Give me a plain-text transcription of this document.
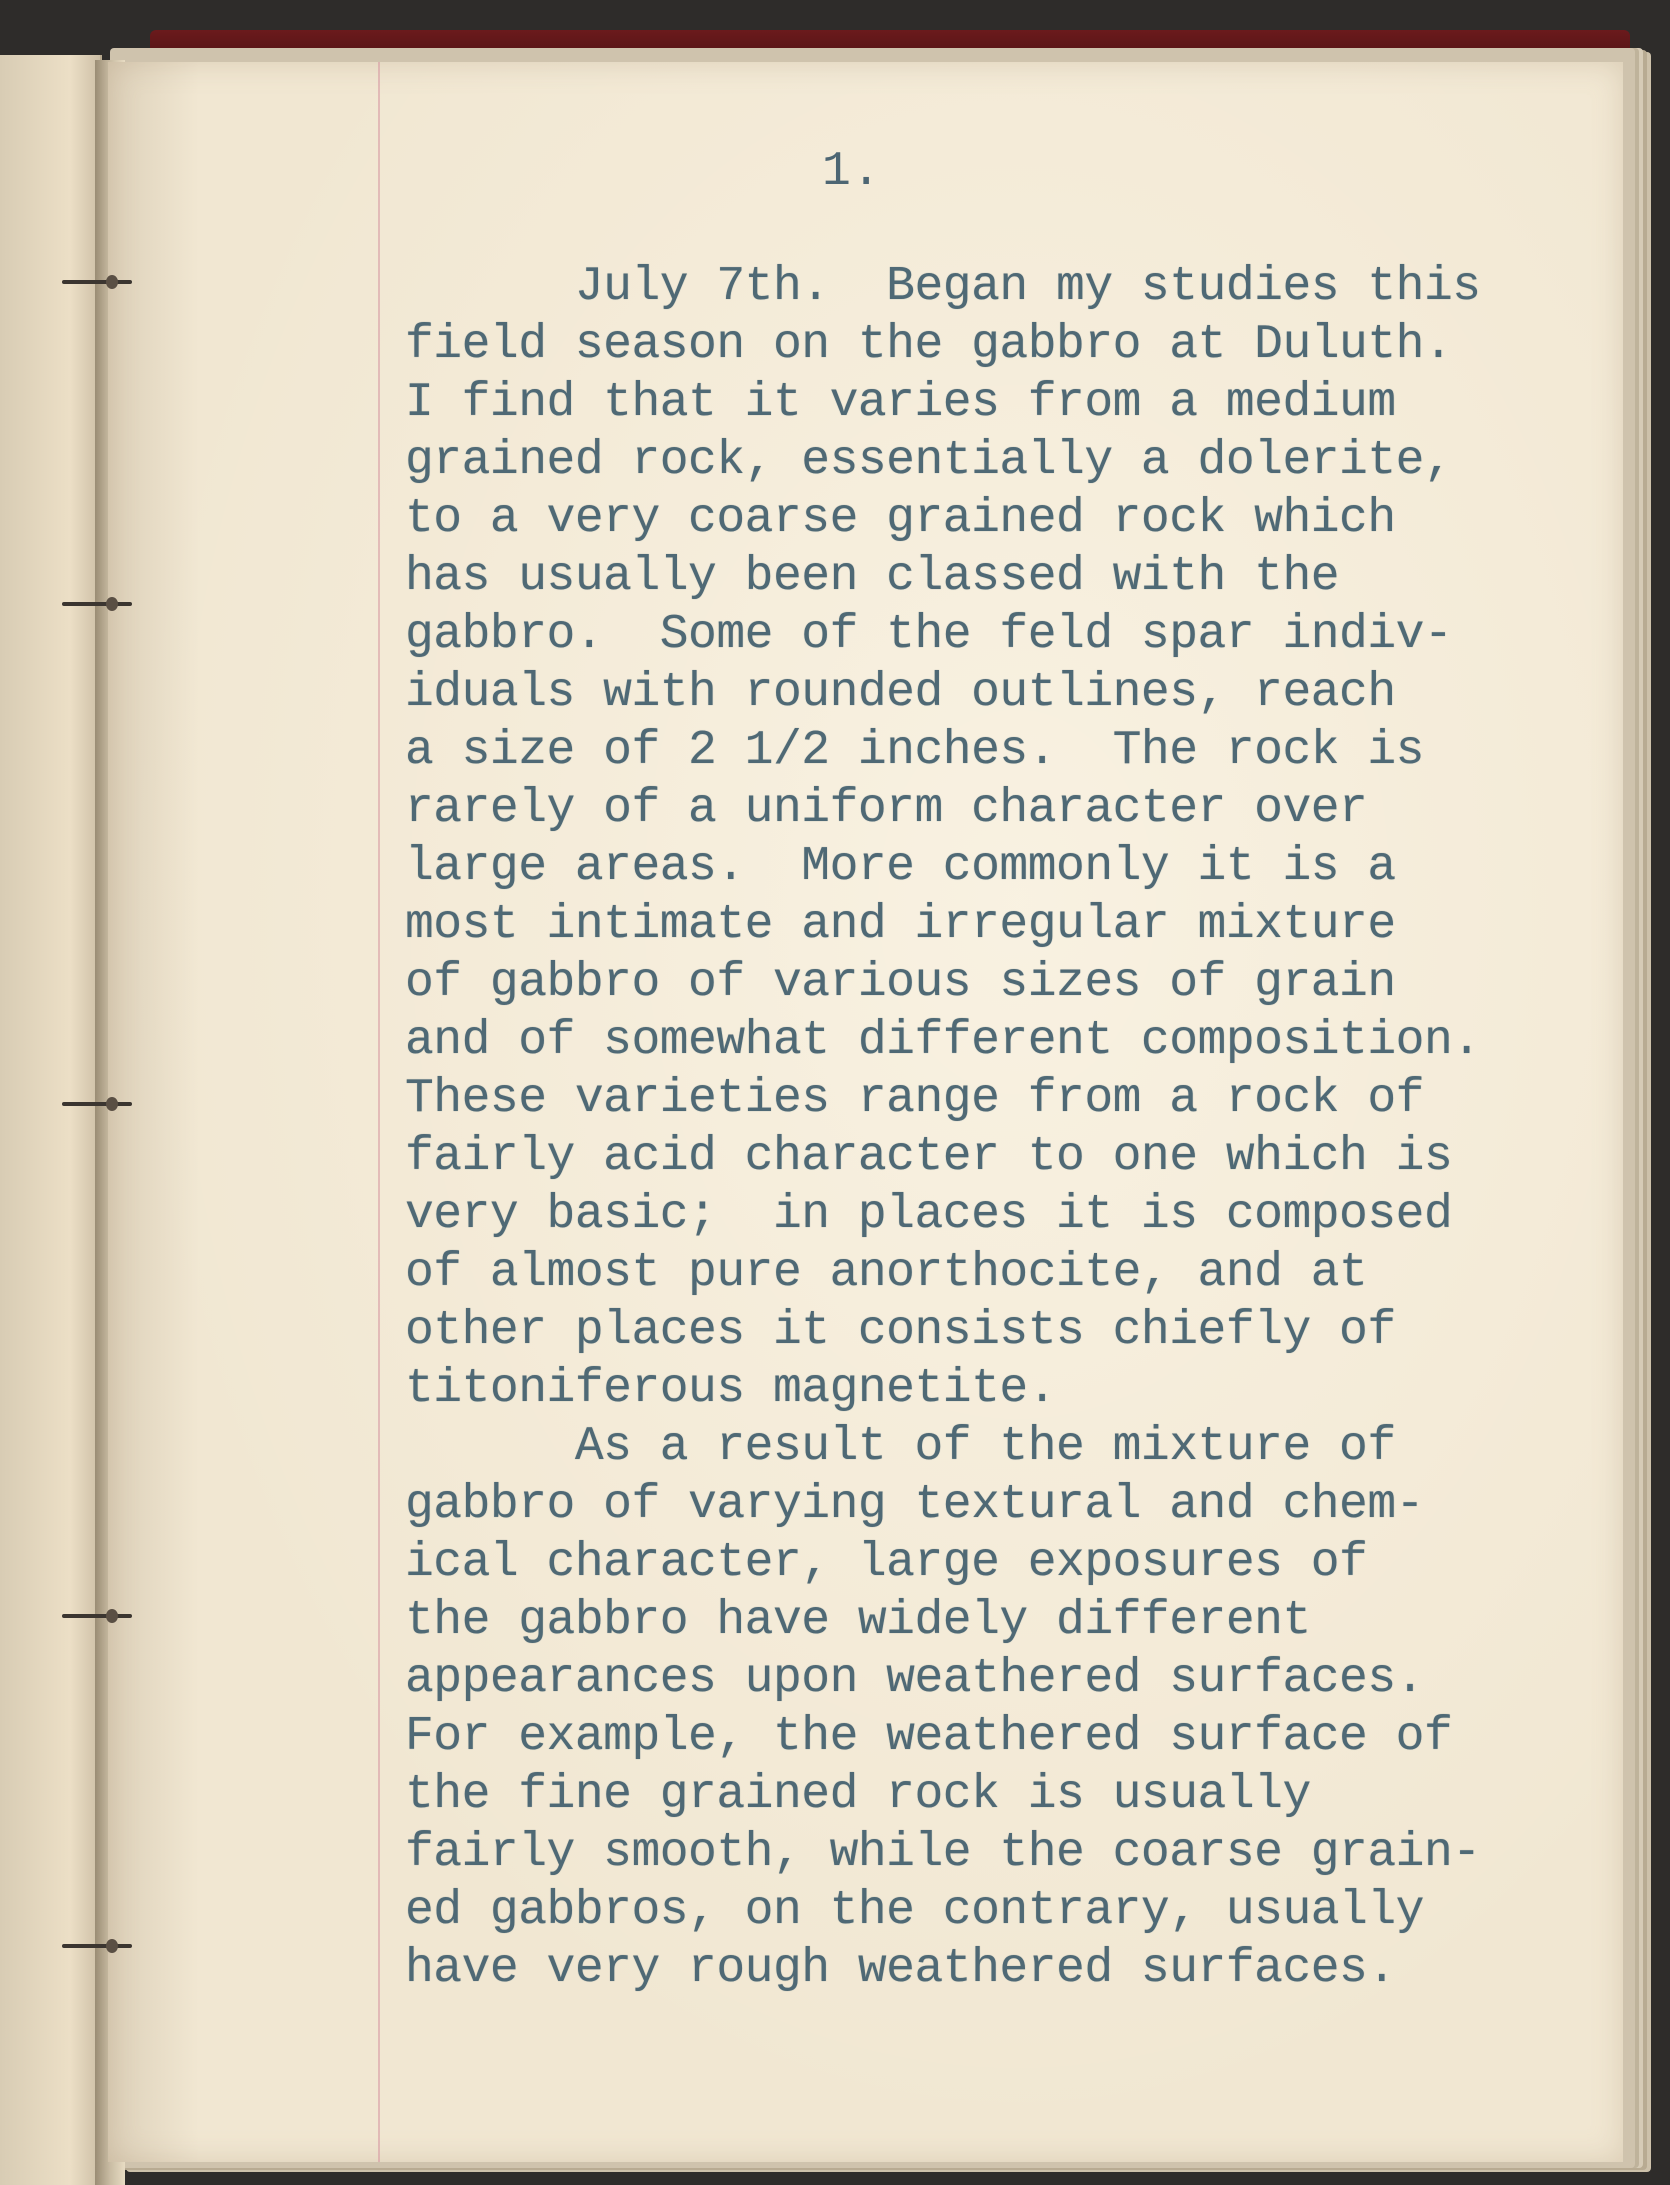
1.

July 7th.  Began my studies this
field season on the gabbro at Duluth.
I find that it varies from a medium
grained rock, essentially a dolerite,
to a very coarse grained rock which
has usually been classed with the
gabbro.  Some of the feld spar indiv-
iduals with rounded outlines, reach
a size of 2 1/2 inches.  The rock is
rarely of a uniform character over
large areas.  More commonly it is a
most intimate and irregular mixture
of gabbro of various sizes of grain
and of somewhat different composition.
These varieties range from a rock of
fairly acid character to one which is
very basic;  in places it is composed
of almost pure anorthocite, and at
other places it consists chiefly of
titoniferous magnetite.
As a result of the mixture of
gabbro of varying textural and chem-
ical character, large exposures of
the gabbro have widely different
appearances upon weathered surfaces.
For example, the weathered surface of
the fine grained rock is usually
fairly smooth, while the coarse grain-
ed gabbros, on the contrary, usually
have very rough weathered surfaces.
